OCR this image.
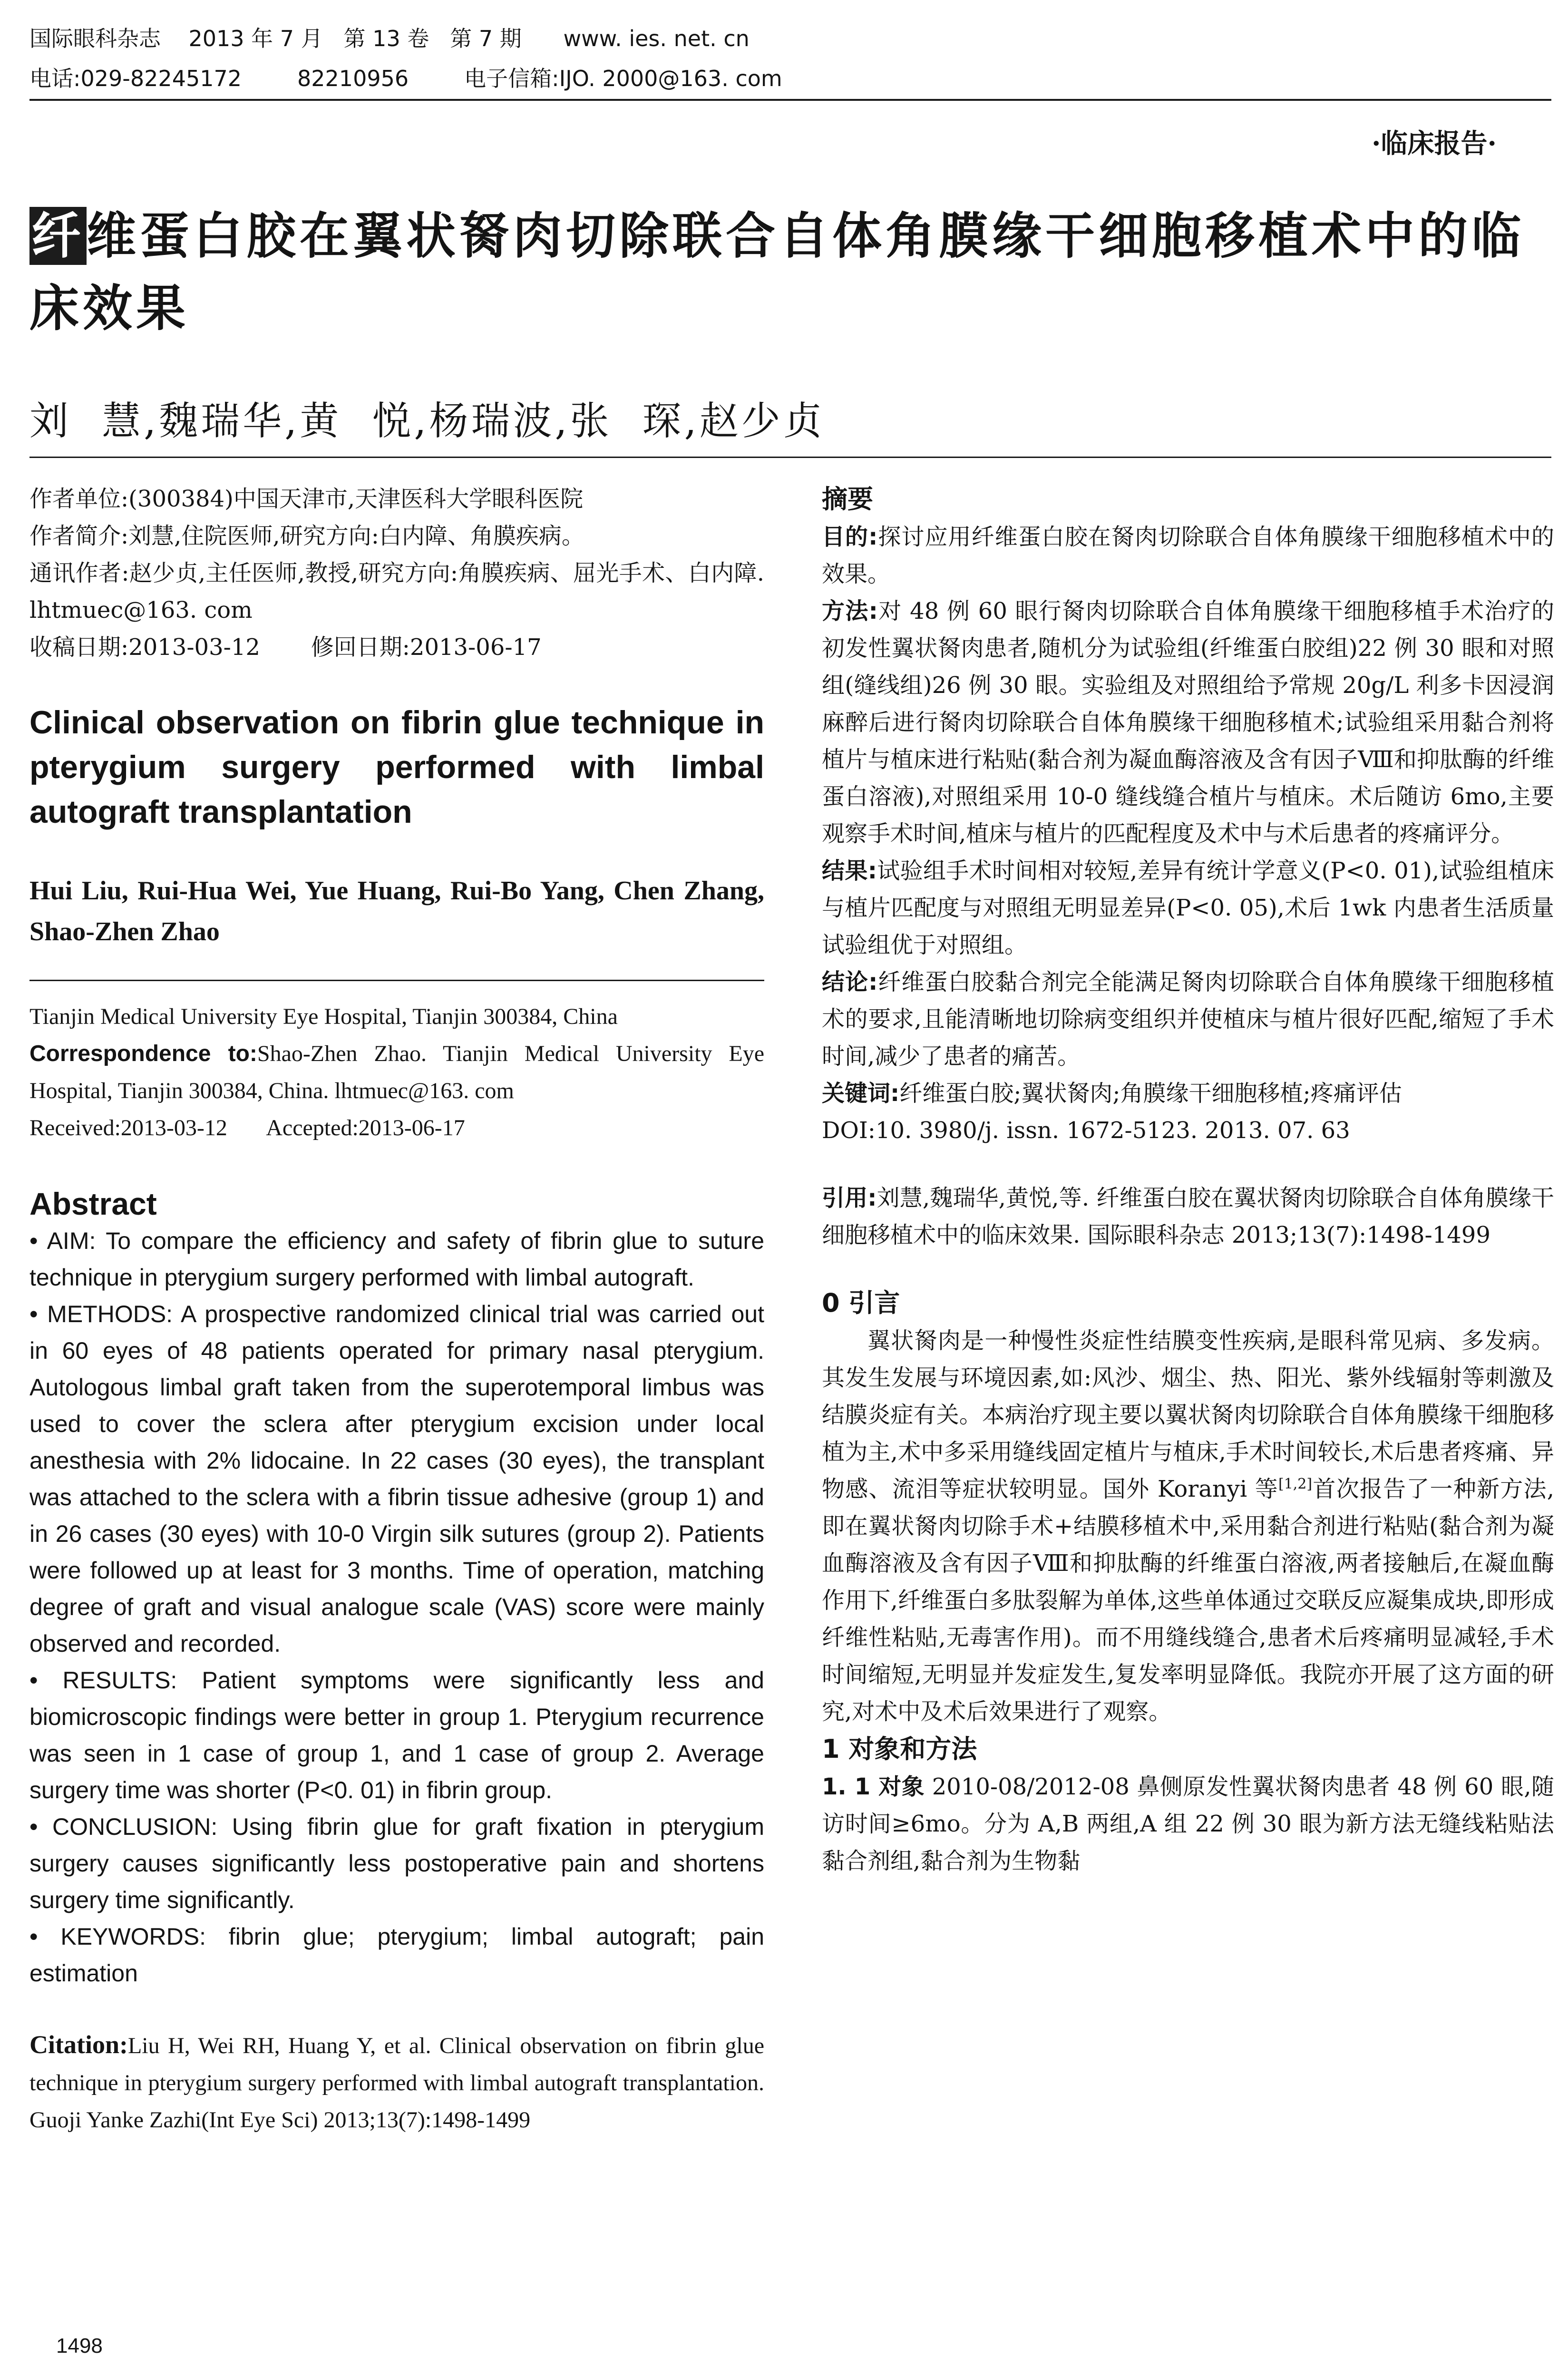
国际眼科杂志    2013 年 7 月   第 13 卷   第 7 期      www. ies. net. cn
电话:029-82245172        82210956        电子信箱:IJO. 2000@163. com
·临床报告·
纤维蛋白胶在翼状胬肉切除联合自体角膜缘干细胞移植术中的临床效果
刘  慧,魏瑞华,黄  悦,杨瑞波,张  琛,赵少贞

作者单位:(300384)中国天津市,天津医科大学眼科医院

作者简介:刘慧,住院医师,研究方向:白内障、角膜疾病。

通讯作者:赵少贞,主任医师,教授,研究方向:角膜疾病、屈光手术、白内障. lhtmuec@163. com

收稿日期:2013-03-12       修回日期:2013-06-17

Clinical observation on fibrin glue technique in pterygium surgery performed with limbal autograft transplantation
Hui Liu, Rui-Hua Wei, Yue Huang, Rui-Bo Yang, Chen Zhang, Shao-Zhen Zhao
Tianjin Medical University Eye Hospital, Tianjin 300384, China
Correspondence to:Shao-Zhen Zhao. Tianjin Medical University Eye Hospital, Tianjin 300384, China. lhtmuec@163. com
Received:2013-03-12       Accepted:2013-06-17
Abstract

• AIM: To compare the efficiency and safety of fibrin glue to suture technique in pterygium surgery performed with limbal autograft.

• METHODS: A prospective randomized clinical trial was carried out in 60 eyes of 48 patients operated for primary nasal pterygium. Autologous limbal graft taken from the superotemporal limbus was used to cover the sclera after pterygium excision under local anesthesia with 2% lidocaine. In 22 cases (30 eyes), the transplant was attached to the sclera with a fibrin tissue adhesive (group 1) and in 26 cases (30 eyes) with 10-0 Virgin silk sutures (group 2). Patients were followed up at least for 3 months. Time of operation, matching degree of graft and visual analogue scale (VAS) score were mainly observed and recorded.

• RESULTS: Patient symptoms were significantly less and biomicroscopic findings were better in group 1. Pterygium recurrence was seen in 1 case of group 1, and 1 case of group 2. Average surgery time was shorter (P<0. 01) in fibrin group.

• CONCLUSION: Using fibrin glue for graft fixation in pterygium surgery causes significantly less postoperative pain and shortens surgery time significantly.

• KEYWORDS: fibrin glue; pterygium; limbal autograft; pain estimation

Citation:Liu H, Wei RH, Huang Y, et al. Clinical observation on fibrin glue technique in pterygium surgery performed with limbal autograft transplantation. Guoji Yanke Zazhi(Int Eye Sci) 2013;13(7):1498-1499
摘要

目的:探讨应用纤维蛋白胶在胬肉切除联合自体角膜缘干细胞移植术中的效果。

方法:对 48 例 60 眼行胬肉切除联合自体角膜缘干细胞移植手术治疗的初发性翼状胬肉患者,随机分为试验组(纤维蛋白胶组)22 例 30 眼和对照组(缝线组)26 例 30 眼。实验组及对照组给予常规 20g/L 利多卡因浸润麻醉后进行胬肉切除联合自体角膜缘干细胞移植术;试验组采用黏合剂将植片与植床进行粘贴(黏合剂为凝血酶溶液及含有因子Ⅷ和抑肽酶的纤维蛋白溶液),对照组采用 10-0 缝线缝合植片与植床。术后随访 6mo,主要观察手术时间,植床与植片的匹配程度及术中与术后患者的疼痛评分。

结果:试验组手术时间相对较短,差异有统计学意义(P<0. 01),试验组植床与植片匹配度与对照组无明显差异(P<0. 05),术后 1wk 内患者生活质量试验组优于对照组。

结论:纤维蛋白胶黏合剂完全能满足胬肉切除联合自体角膜缘干细胞移植术的要求,且能清晰地切除病变组织并使植床与植片很好匹配,缩短了手术时间,减少了患者的痛苦。

关键词:纤维蛋白胶;翼状胬肉;角膜缘干细胞移植;疼痛评估

DOI:10. 3980/j. issn. 1672-5123. 2013. 07. 63

引用:刘慧,魏瑞华,黄悦,等. 纤维蛋白胶在翼状胬肉切除联合自体角膜缘干细胞移植术中的临床效果. 国际眼科杂志 2013;13(7):1498-1499

0 引言

翼状胬肉是一种慢性炎症性结膜变性疾病,是眼科常见病、多发病。其发生发展与环境因素,如:风沙、烟尘、热、阳光、紫外线辐射等刺激及结膜炎症有关。本病治疗现主要以翼状胬肉切除联合自体角膜缘干细胞移植为主,术中多采用缝线固定植片与植床,手术时间较长,术后患者疼痛、异物感、流泪等症状较明显。国外 Koranyi 等[1,2]首次报告了一种新方法,即在翼状胬肉切除手术+结膜移植术中,采用黏合剂进行粘贴(黏合剂为凝血酶溶液及含有因子Ⅷ和抑肽酶的纤维蛋白溶液,两者接触后,在凝血酶作用下,纤维蛋白多肽裂解为单体,这些单体通过交联反应凝集成块,即形成纤维性粘贴,无毒害作用)。而不用缝线缝合,患者术后疼痛明显减轻,手术时间缩短,无明显并发症发生,复发率明显降低。我院亦开展了这方面的研究,对术中及术后效果进行了观察。

1 对象和方法

1. 1 对象 2010-08/2012-08 鼻侧原发性翼状胬肉患者 48 例 60 眼,随访时间≥6mo。分为 A,B 两组,A 组 22 例 30 眼为新方法无缝线粘贴法黏合剂组,黏合剂为生物黏

1498
